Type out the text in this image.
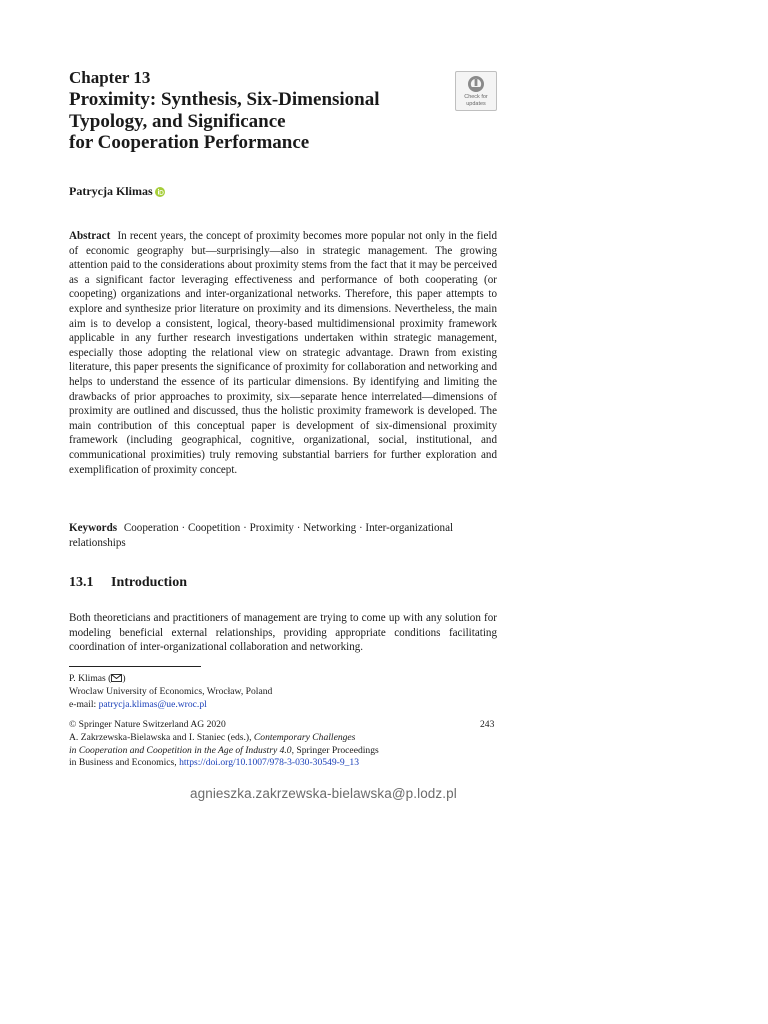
Chapter 13
Proximity: Synthesis, Six-Dimensional
Typology, and Significance
for Cooperation Performance
Check for
updates
Patrycja Klimas
Abstract In recent years, the concept of proximity becomes more popular not only in the field of economic geography but—surprisingly—also in strategic management. The growing attention paid to the considerations about proximity stems from the fact that it may be perceived as a significant factor leveraging effectiveness and performance of both cooperating (or coopeting) organizations and inter-organizational networks. Therefore, this paper attempts to explore and synthesize prior literature on proximity and its dimensions. Nevertheless, the main aim is to develop a consistent, logical, theory-based multidimensional proximity framework applicable in any further research investigations undertaken within strategic management, especially those adopting the relational view on strategic advantage. Drawn from existing literature, this paper presents the significance of proximity for collaboration and networking and helps to understand the essence of its particular dimensions. By identifying and limiting the drawbacks of prior approaches to proximity, six—separate hence interrelated—dimensions of proximity are outlined and discussed, thus the holistic proximity framework is developed. The main contribution of this conceptual paper is development of six-dimensional proximity framework (including geographical, cognitive, organizational, social, institutional, and communicational proximities) truly removing substantial barriers for further exploration and exemplification of proximity concept.
Keywords Cooperation · Coopetition · Proximity · Networking · Inter-organizational relationships
13.1 Introduction
Both theoreticians and practitioners of management are trying to come up with any solution for modeling beneficial external relationships, providing appropriate conditions facilitating coordination of inter-organizational collaboration and networking.
P. Klimas ( )
Wroclaw University of Economics, Wrocław, Poland
e-mail: patrycja.klimas@ue.wroc.pl
© Springer Nature Switzerland AG 2020
A. Zakrzewska-Bielawska and I. Staniec (eds.), Contemporary Challenges
in Cooperation and Coopetition in the Age of Industry 4.0, Springer Proceedings
in Business and Economics, https://doi.org/10.1007/978-3-030-30549-9_13
243
agnieszka.zakrzewska-bielawska@p.lodz.pl
